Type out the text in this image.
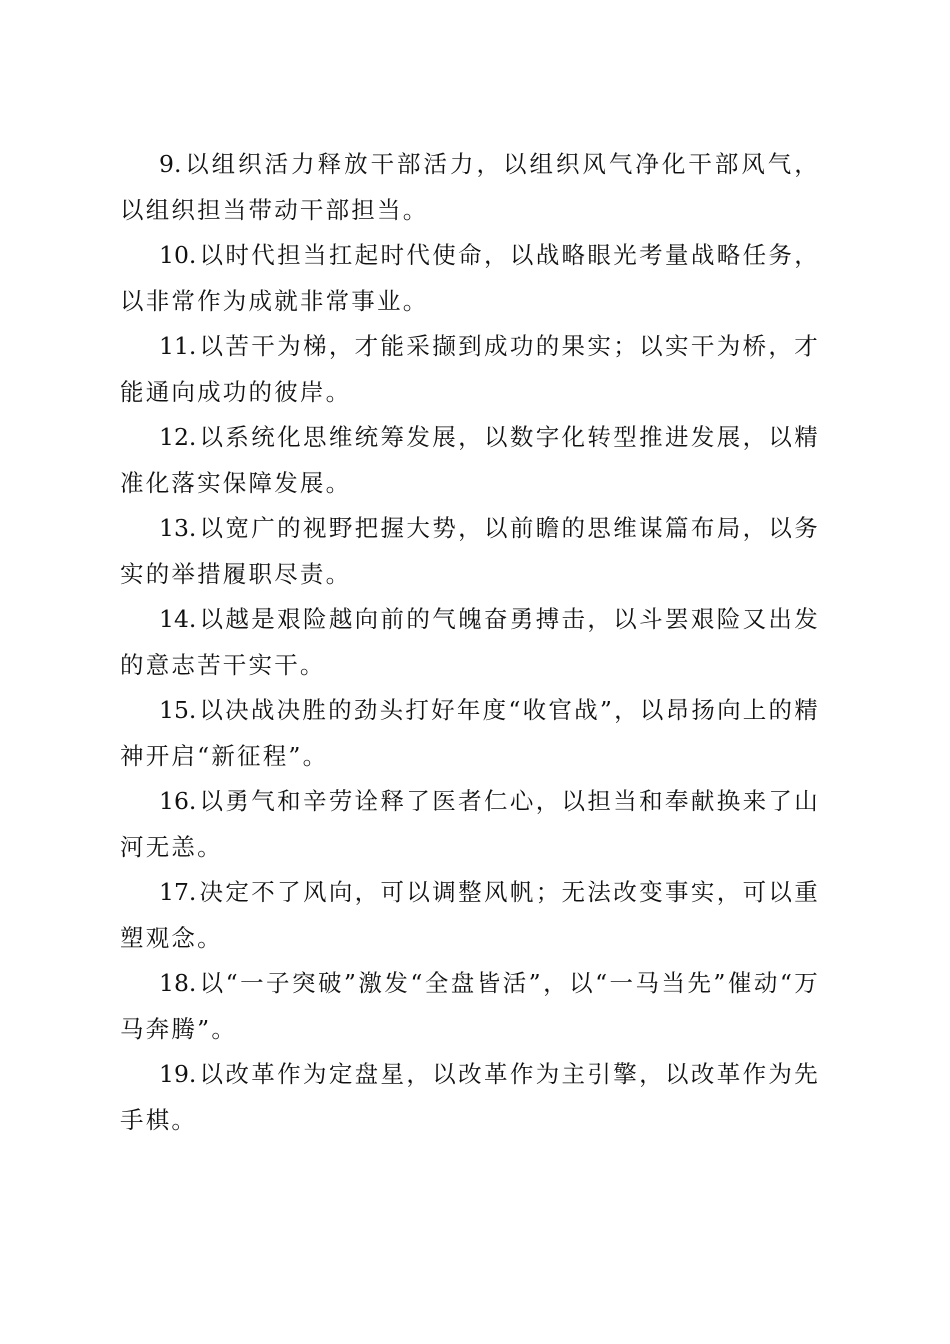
9. 以组织活力释放干部活力，以组织风气净化干部风气，以组织担当带动干部担当。

10. 以时代担当扛起时代使命，以战略眼光考量战略任务，以非常作为成就非常事业。

11. 以苦干为梯，才能采撷到成功的果实；以实干为桥，才能通向成功的彼岸。

12. 以系统化思维统筹发展，以数字化转型推进发展，以精准化落实保障发展。

13. 以宽广的视野把握大势，以前瞻的思维谋篇布局，以务实的举措履职尽责。

14. 以越是艰险越向前的气魄奋勇搏击，以斗罢艰险又出发的意志苦干实干。

15. 以决战决胜的劲头打好年度“收官战”，以昂扬向上的精神开启“新征程”。

16. 以勇气和辛劳诠释了医者仁心，以担当和奉献换来了山河无恙。

17. 决定不了风向，可以调整风帆；无法改变事实，可以重塑观念。

18. 以“一子突破”激发“全盘皆活”，以“一马当先”催动“万马奔腾”。

19. 以改革作为定盘星，以改革作为主引擎，以改革作为先手棋。
